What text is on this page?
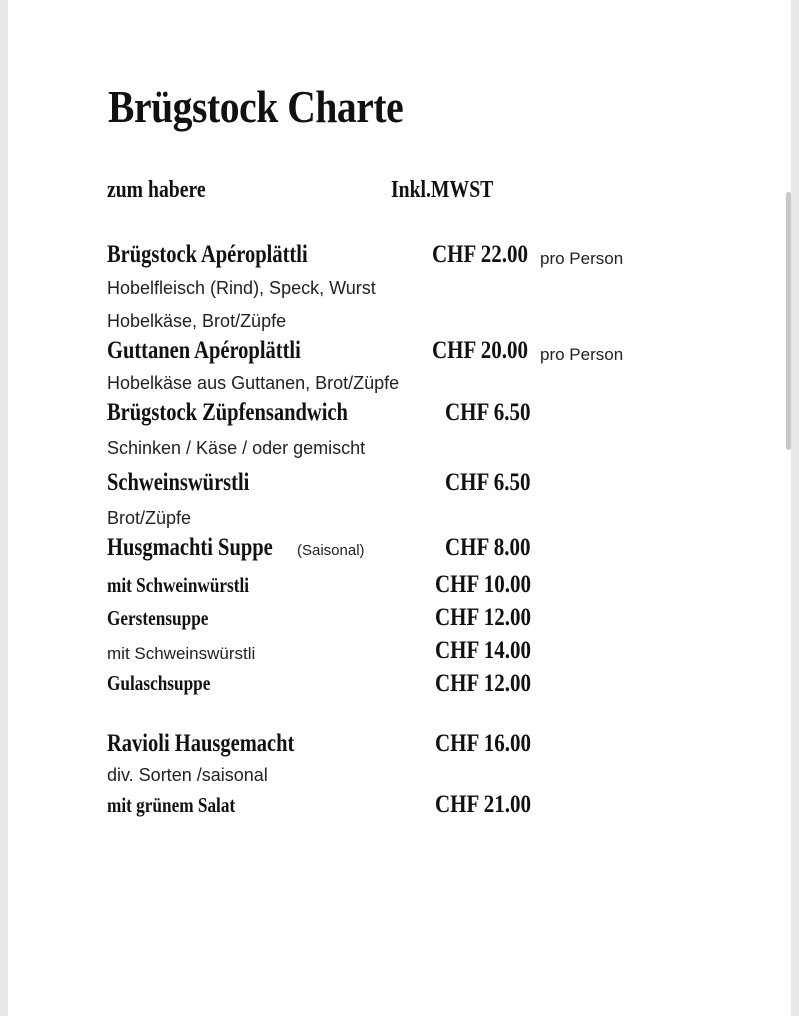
Brügstock Charte
zum habere	Inkl.MWST
Brügstock Apéroplättli	CHF 22.00 pro Person
Hobelfleisch (Rind), Speck, Wurst
Hobelkäse, Brot/Züpfe
Guttanen Apéroplättli	CHF 20.00 pro Person
Hobelkäse aus Guttanen, Brot/Züpfe
Brügstock Züpfensandwich	CHF 6.50
Schinken / Käse / oder gemischt
Schweinswürstli	CHF 6.50
Brot/Züpfe
Husgmachti Suppe (Saisonal)	CHF 8.00
mit Schweinwürstli	CHF 10.00
Gerstensuppe	CHF 12.00
mit Schweinswürstli	CHF 14.00
Gulaschsuppe	CHF 12.00
Ravioli Hausgemacht	CHF 16.00
div. Sorten /saisonal
mit grünem Salat	CHF 21.00
